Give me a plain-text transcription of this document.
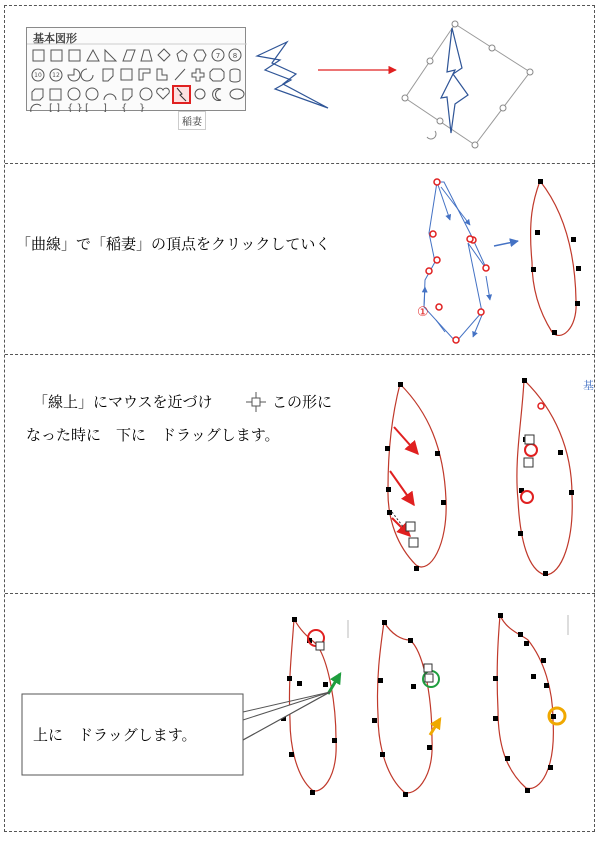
基本図形
[ ] { } [ ] { }
10 12
7 8
稲妻
①
基
「曲線」で「稲妻」の頂点をクリックしていく
「線上」にマウスを近づけ	この形に
なった時に　下に　ドラッグします。
上に　ドラッグします。
